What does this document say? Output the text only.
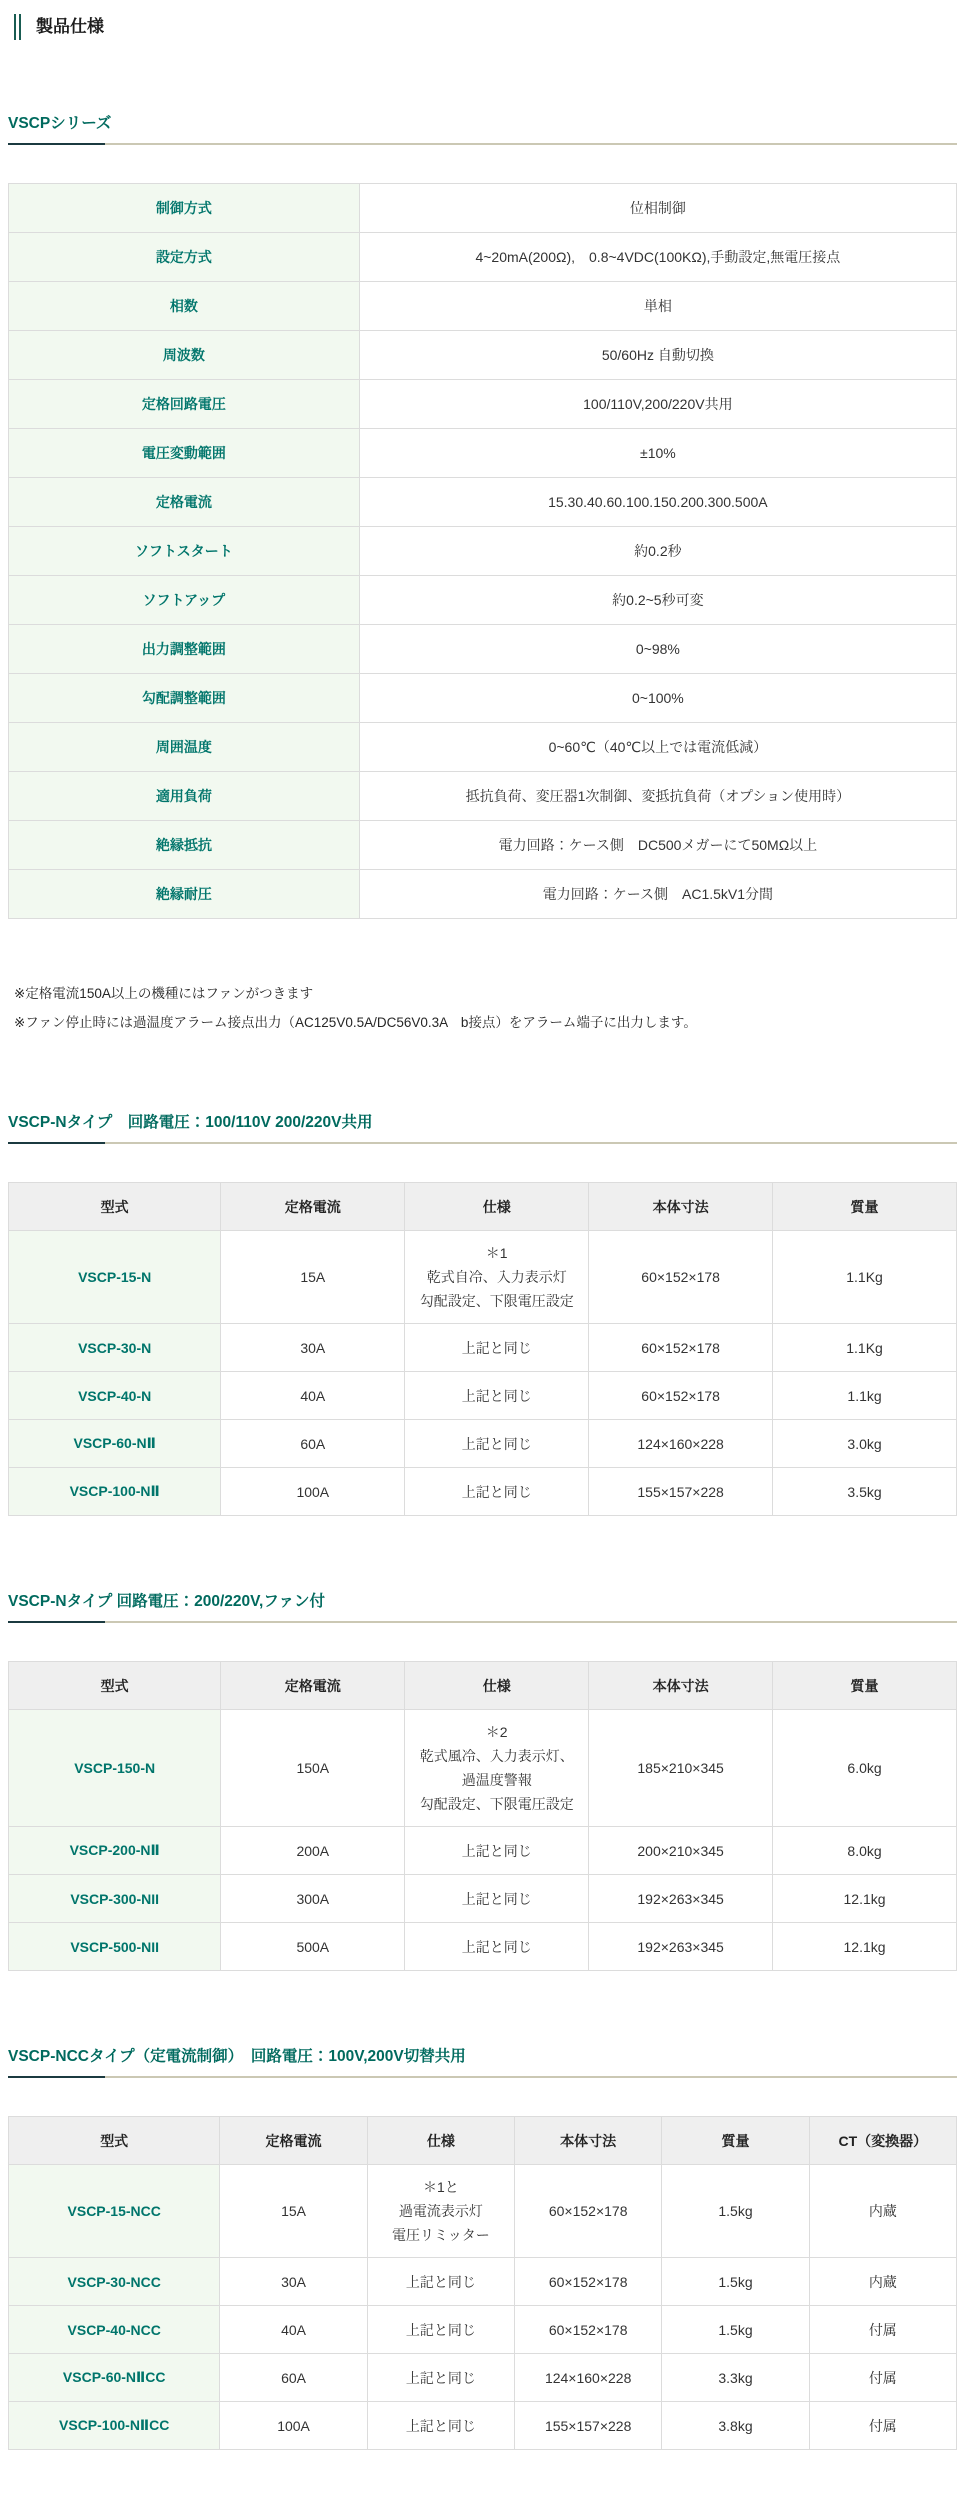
製品仕様
VSCPシリーズ
制御方式	位相制御
設定方式	4~20mA(200Ω),　0.8~4VDC(100KΩ),手動設定,無電圧接点
相数	単相
周波数	50/60Hz 自動切換
定格回路電圧	100/110V,200/220V共用
電圧変動範囲	±10%
定格電流	15.30.40.60.100.150.200.300.500A
ソフトスタート	約0.2秒
ソフトアップ	約0.2~5秒可変
出力調整範囲	0~98%
勾配調整範囲	0~100%
周囲温度	0~60℃（40℃以上では電流低減）
適用負荷	抵抗負荷、変圧器1次制御、変抵抗負荷（オプション使用時）
絶縁抵抗	電力回路：ケース側　DC500メガーにて50MΩ以上
絶縁耐圧	電力回路：ケース側　AC1.5kV1分間
※定格電流150A以上の機種にはファンがつきます
※ファン停止時には過温度アラーム接点出力（AC125V0.5A/DC56V0.3A　b接点）をアラーム端子に出力します。
VSCP-Nタイプ　回路電圧：100/110V 200/220V共用
型式	定格電流	仕様	本体寸法	質量
VSCP-15-N	15A	＊1
乾式自冷、入力表示灯
勾配設定、下限電圧設定	60×152×178	1.1Kg
VSCP-30-N	30A	上記と同じ	60×152×178	1.1Kg
VSCP-40-N	40A	上記と同じ	60×152×178	1.1kg
VSCP-60-NⅡ	60A	上記と同じ	124×160×228	3.0kg
VSCP-100-NⅡ	100A	上記と同じ	155×157×228	3.5kg
VSCP-Nタイプ 回路電圧：200/220V,ファン付
型式	定格電流	仕様	本体寸法	質量
VSCP-150-N	150A	＊2
乾式風冷、入力表示灯、
過温度警報
勾配設定、下限電圧設定	185×210×345	6.0kg
VSCP-200-NⅡ	200A	上記と同じ	200×210×345	8.0kg
VSCP-300-NII	300A	上記と同じ	192×263×345	12.1kg
VSCP-500-NII	500A	上記と同じ	192×263×345	12.1kg
VSCP-NCCタイプ（定電流制御）　回路電圧：100V,200V切替共用
型式	定格電流	仕様	本体寸法	質量	CT（変換器）
VSCP-15-NCC	15A	＊1と
過電流表示灯
電圧リミッター	60×152×178	1.5kg	内蔵
VSCP-30-NCC	30A	上記と同じ	60×152×178	1.5kg	内蔵
VSCP-40-NCC	40A	上記と同じ	60×152×178	1.5kg	付属
VSCP-60-NⅡCC	60A	上記と同じ	124×160×228	3.3kg	付属
VSCP-100-NⅡCC	100A	上記と同じ	155×157×228	3.8kg	付属
